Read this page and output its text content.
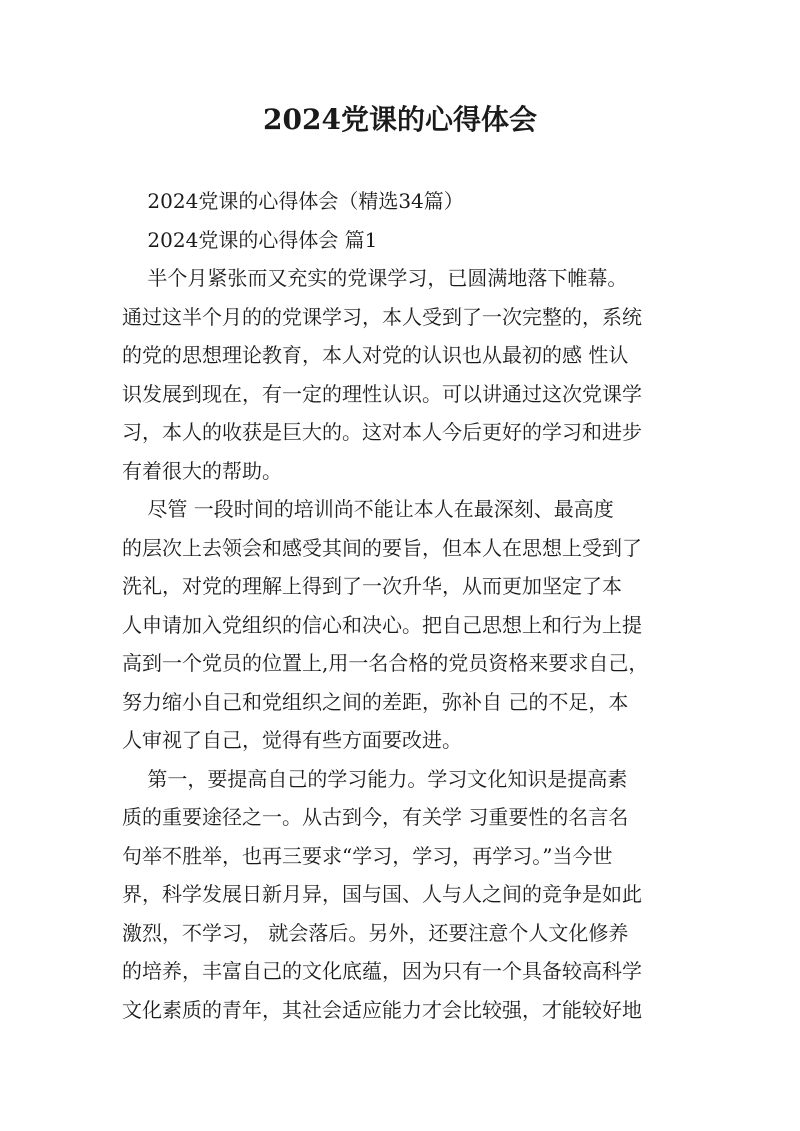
2024党课的心得体会
2024党课的心得体会（精选34篇）
2024党课的心得体会 篇1
半个月紧张而又充实的党课学习，已圆满地落下帷幕。
通过这半个月的的党课学习，本人受到了一次完整的，系统
的党的思想理论教育，本人对党的认识也从最初的感 性认
识发展到现在，有一定的理性认识。可以讲通过这次党课学
习，本人的收获是巨大的。这对本人今后更好的学习和进步
有着很大的帮助。
尽管 一段时间的培训尚不能让本人在最深刻、最高度
的层次上去领会和感受其间的要旨，但本人在思想上受到了
洗礼，对党的理解上得到了一次升华，从而更加坚定了本
人申请加入党组织的信心和决心。把自己思想上和行为上提
高到一个党员的位置上,用一名合格的党员资格来要求自己，
努力缩小自己和党组织之间的差距，弥补自 己的不足，本
人审视了自己，觉得有些方面要改进。
第一，要提高自己的学习能力。学习文化知识是提高素
质的重要途径之一。从古到今，有关学 习重要性的名言名
句举不胜举，也再三要求“学习，学习，再学习。”当今世
界，科学发展日新月异，国与国、人与人之间的竞争是如此
激烈，不学习， 就会落后。另外，还要注意个人文化修养
的培养，丰富自己的文化底蕴，因为只有一个具备较高科学
文化素质的青年，其社会适应能力才会比较强，才能较好地
